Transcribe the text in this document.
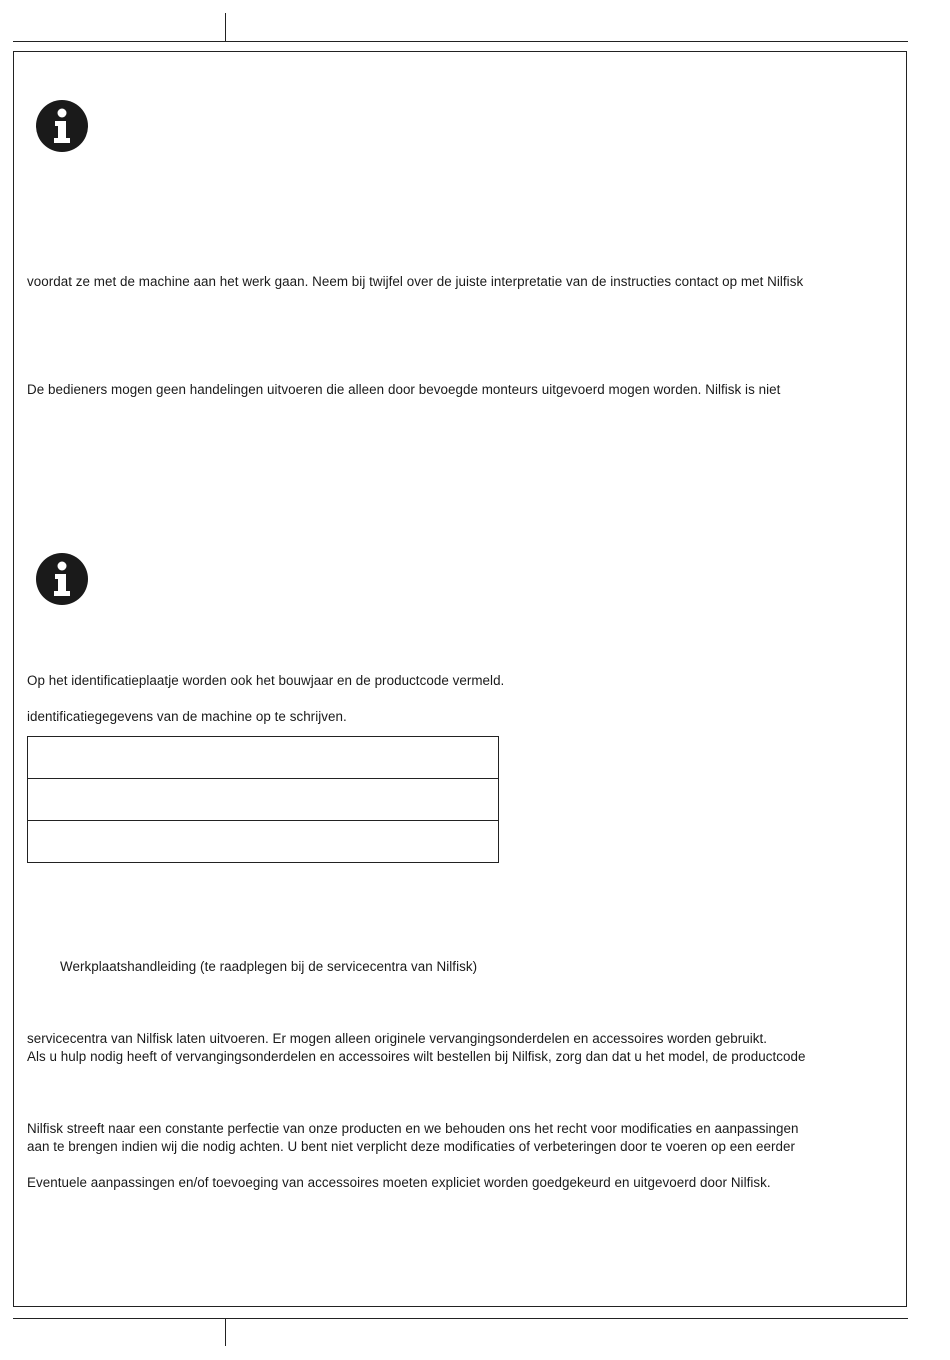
voordat ze met de machine aan het werk gaan. Neem bij twijfel over de juiste interpretatie van de instructies contact op met Nilfisk
De bedieners mogen geen handelingen uitvoeren die alleen door bevoegde monteurs uitgevoerd mogen worden. Nilfisk is niet
Op het identificatieplaatje worden ook het bouwjaar en de productcode vermeld.
identificatiegegevens van de machine op te schrijven.

Werkplaatshandleiding (te raadplegen bij de servicecentra van Nilfisk)
servicecentra van Nilfisk laten uitvoeren. Er mogen alleen originele vervangingsonderdelen en accessoires worden gebruikt.
Als u hulp nodig heeft of vervangingsonderdelen en accessoires wilt bestellen bij Nilfisk, zorg dan dat u het model, de productcode
Nilfisk streeft naar een constante perfectie van onze producten en we behouden ons het recht voor modificaties en aanpassingen
aan te brengen indien wij die nodig achten. U bent niet verplicht deze modificaties of verbeteringen door te voeren op een eerder
Eventuele aanpassingen en/of toevoeging van accessoires moeten expliciet worden goedgekeurd en uitgevoerd door Nilfisk.
